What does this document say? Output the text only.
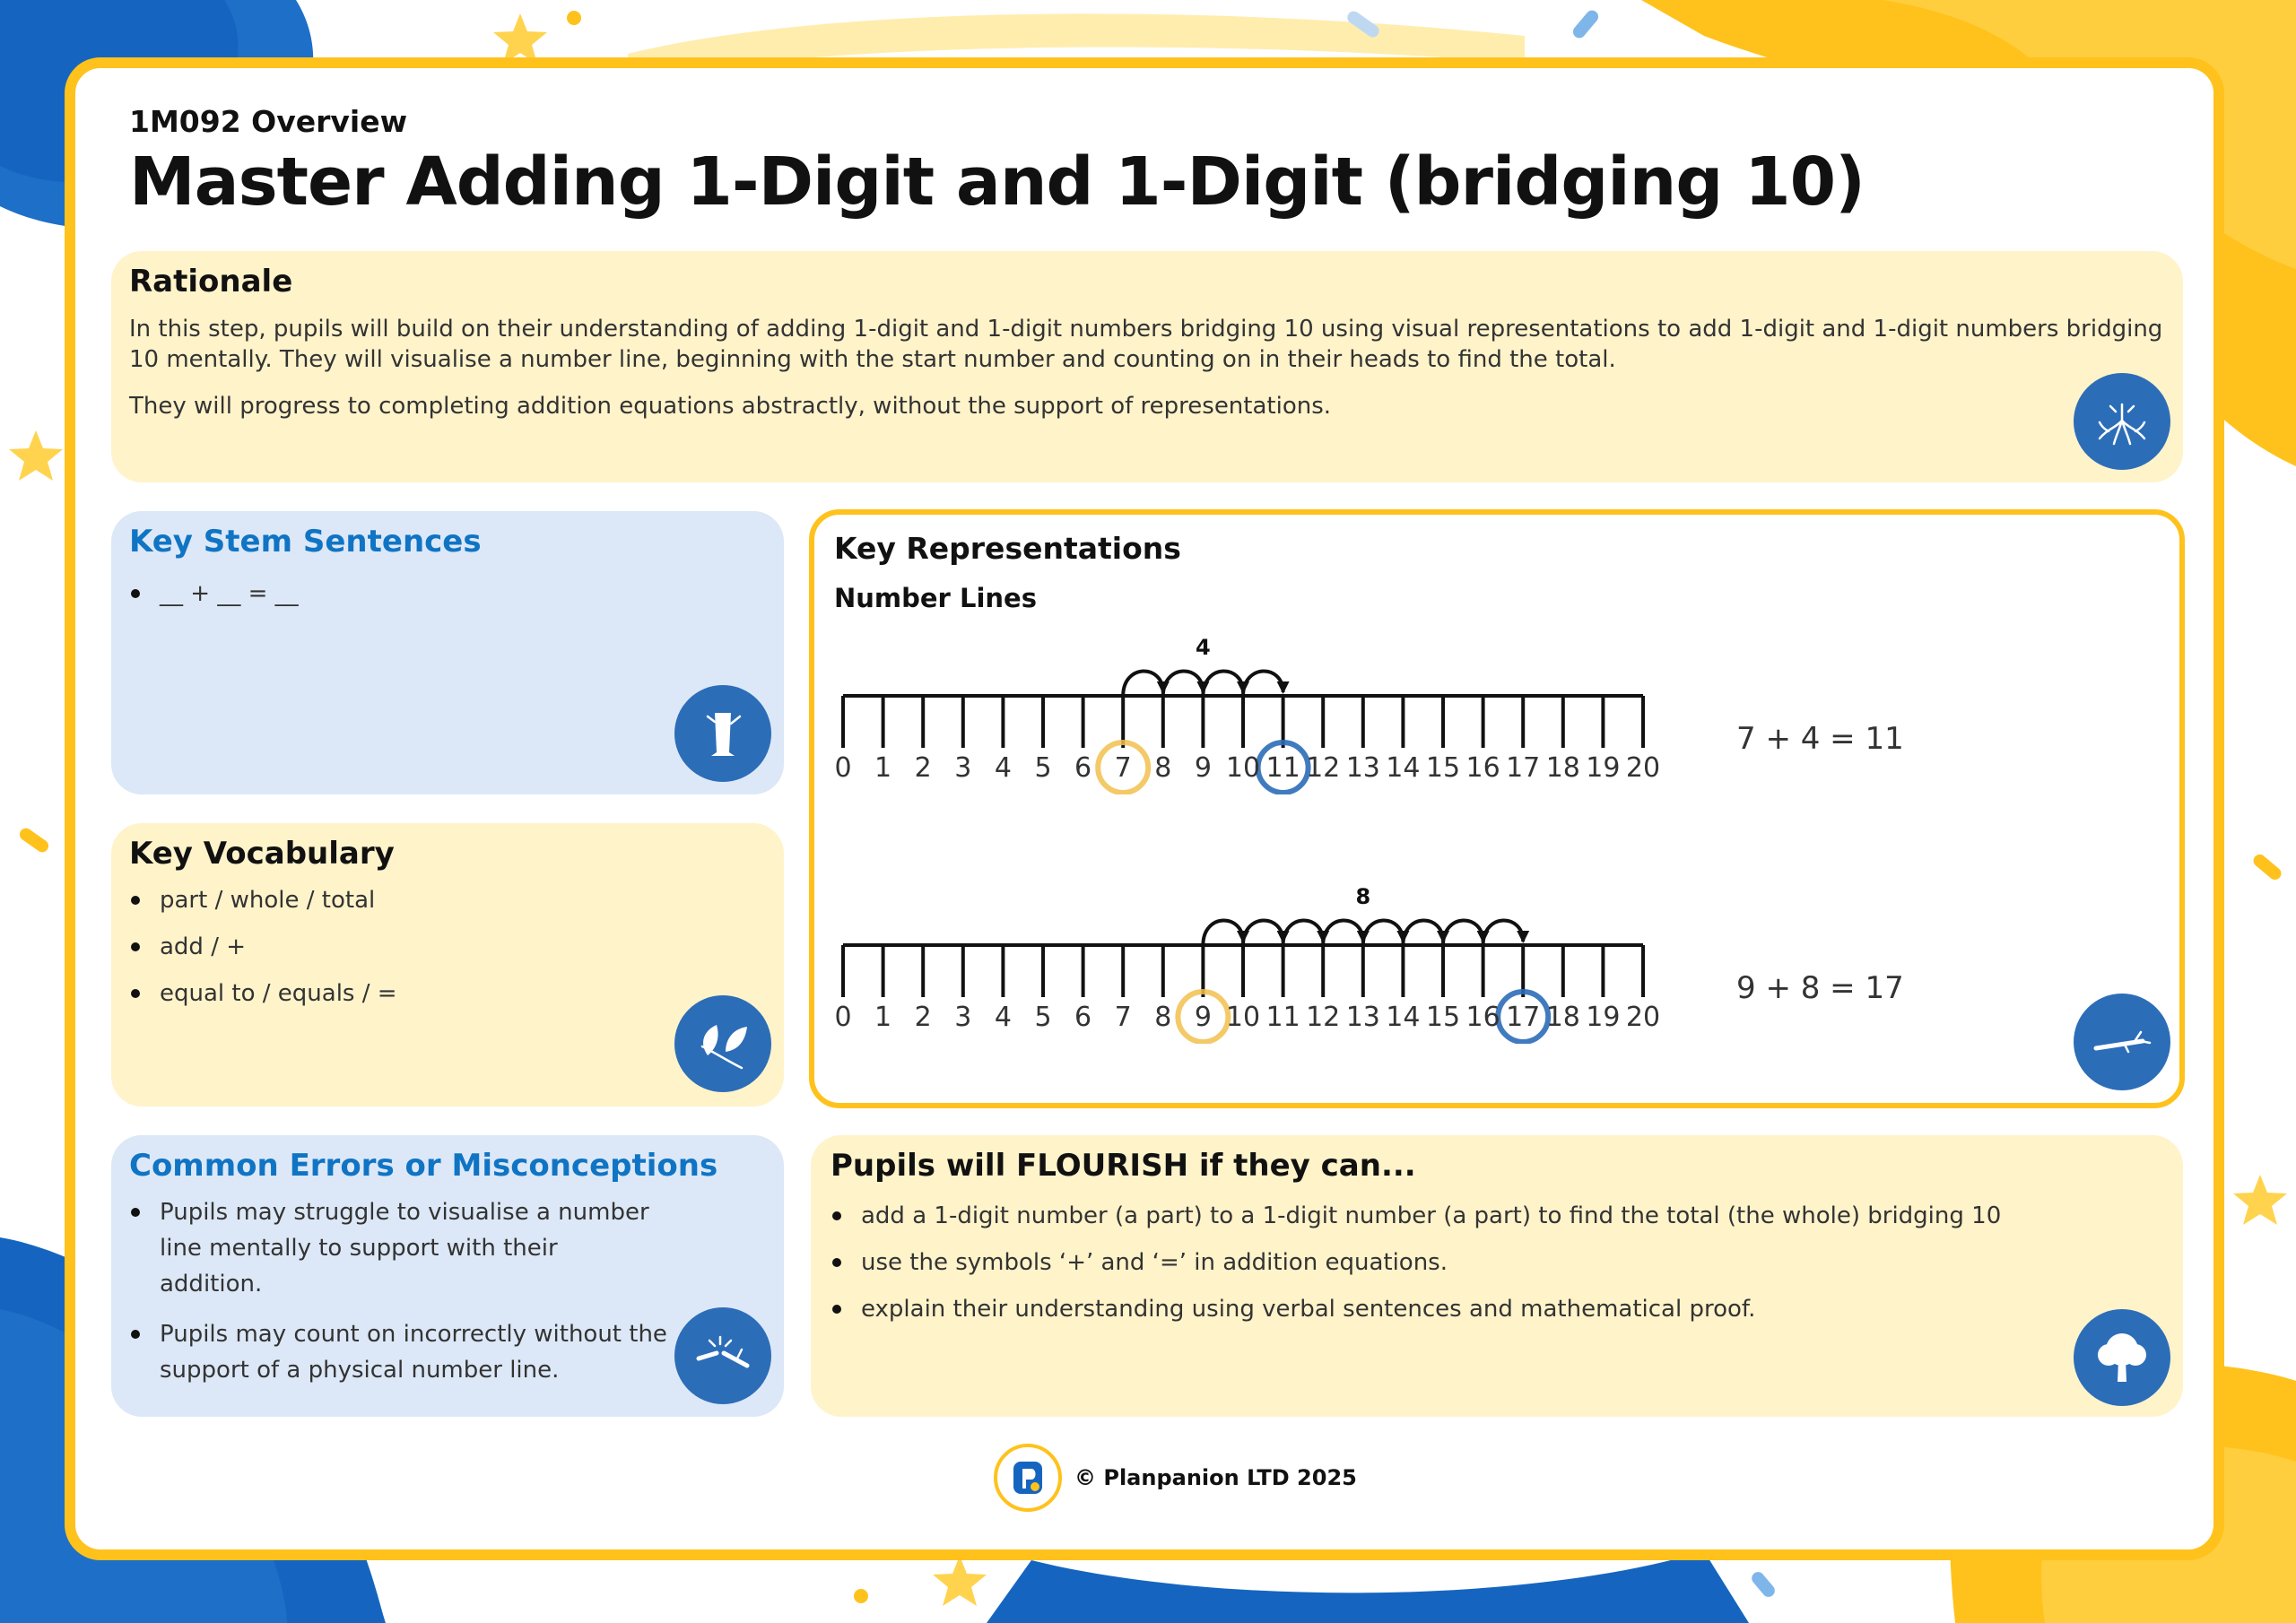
1M092 Overview

Master Adding 1-Digit and 1-Digit (bridging 10)
Rationale

In this step, pupils will build on their understanding of adding 1-digit and 1-digit numbers bridging 10 using visual representations to add 1-digit and 1-digit numbers bridging 10 mentally. They will visualise a number line, beginning with the start number and counting on in their heads to find the total.

They will progress to completing addition equations abstractly, without the support of representations.

Key Stem Sentences
__ + __ = __
Key Vocabulary
part / whole / total
add / +
equal to / equals / =
Common Errors or Misconceptions
Pupils may struggle to visualise a number line mentally to support with their addition.
Pupils may count on incorrectly without the support of a physical number line.
Key Representations
Number Lines
0 1 2 3 4 5 6 7 8 9 10 11 12 13 14 15 16 17 18 19 20
4
7 + 4 = 11
0 1 2 3 4 5 6 7 8 9 10 11 12 13 14 15 16 17 18 19 20
8
9 + 8 = 17
Pupils will FLOURISH if they can...
add a 1-digit number (a part) to a 1-digit number (a part) to find the total (the whole) bridging 10
use the symbols ‘+’ and ‘=’ in addition equations.
explain their understanding using verbal sentences and mathematical proof.
© Planpanion LTD 2025
